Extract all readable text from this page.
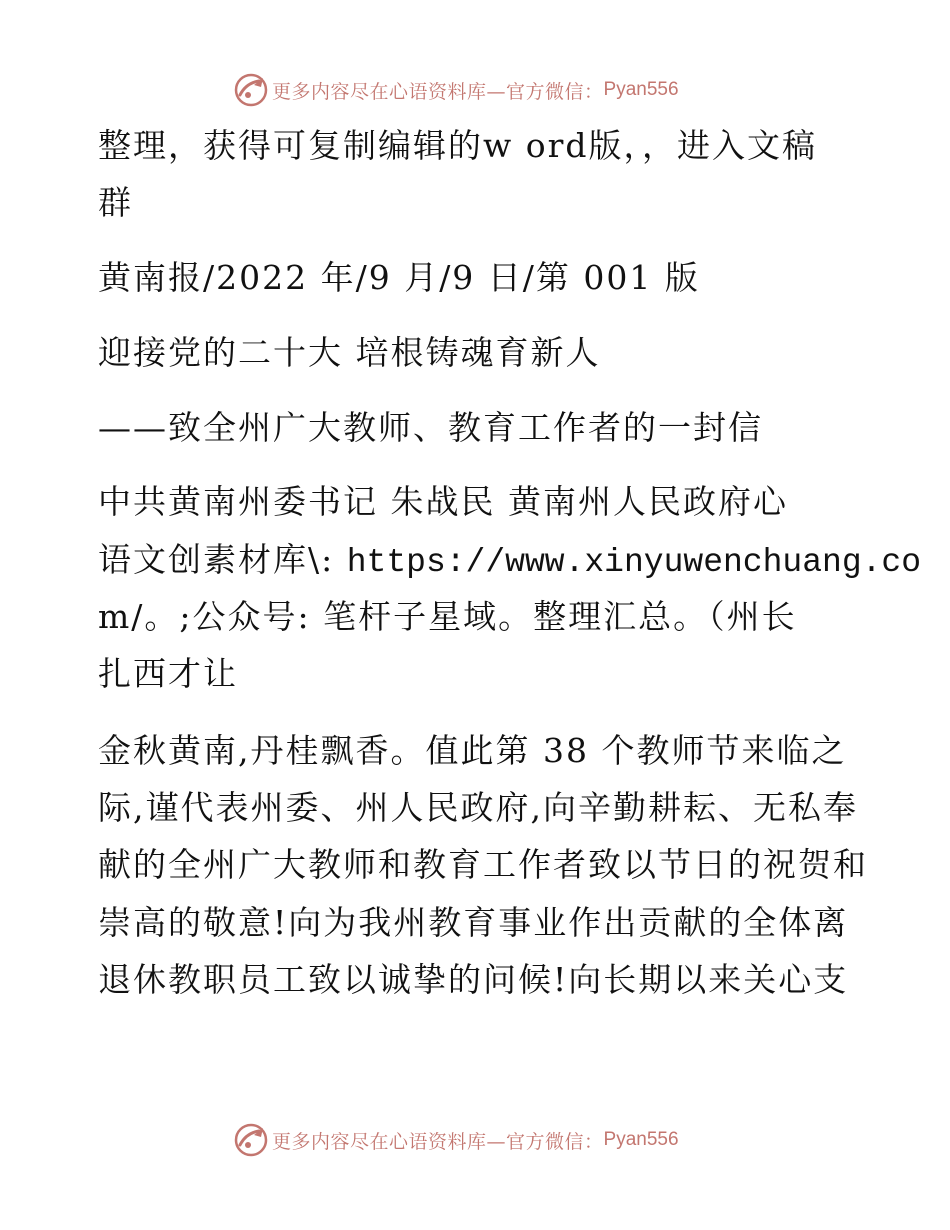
更多内容尽在心语资料库—官方微信： Pyan556
整理，获得可复制编辑的w ord版，，进入文稿
群
黄南报/2022 年/9 月/9 日/第 001 版
迎接党的二十大 培根铸魂育新人
——致全州广大教师、教育工作者的一封信
中共黄南州委书记 朱战民 黄南州人民政府心
语文创素材库\: https://www.xinyuwenchuang.co
m/。;公众号: 笔杆子星域。整理汇总。（州长
扎西才让
金秋黄南,丹桂飘香。值此第 38 个教师节来临之
际,谨代表州委、州人民政府,向辛勤耕耘、无私奉
献的全州广大教师和教育工作者致以节日的祝贺和
崇高的敬意!向为我州教育事业作出贡献的全体离
退休教职员工致以诚挚的问候!向长期以来关心支
更多内容尽在心语资料库—官方微信： Pyan556
